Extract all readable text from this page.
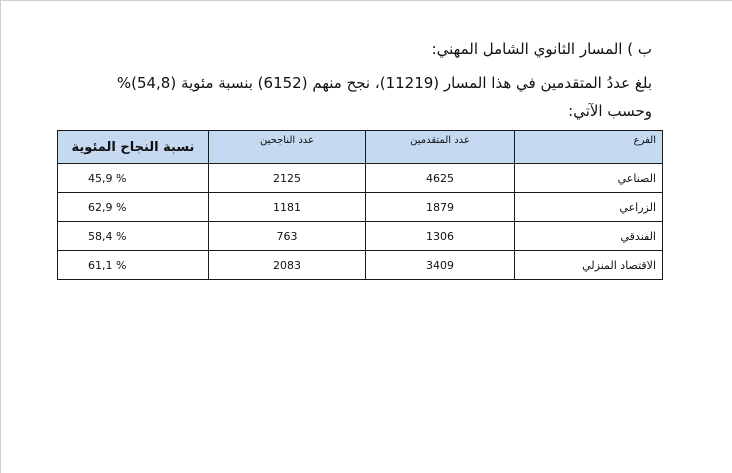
ب ) المسار الثانوي الشامل المهني:
بلغ عددُ المتقدمين في هذا المسار (11219)، نجح منهم (6152) بنسبة مئوية (54,8)%
وحسب الآتي:
الفرع	عدد المتقدمين	عدد الناجحين	نسبة النجاح المئوية
الصناعي	4625	2125	45,9 %
الزراعي	1879	1181	62,9 %
الفندقي	1306	763	58,4 %
الاقتصاد المنزلي	3409	2083	61,1 %
